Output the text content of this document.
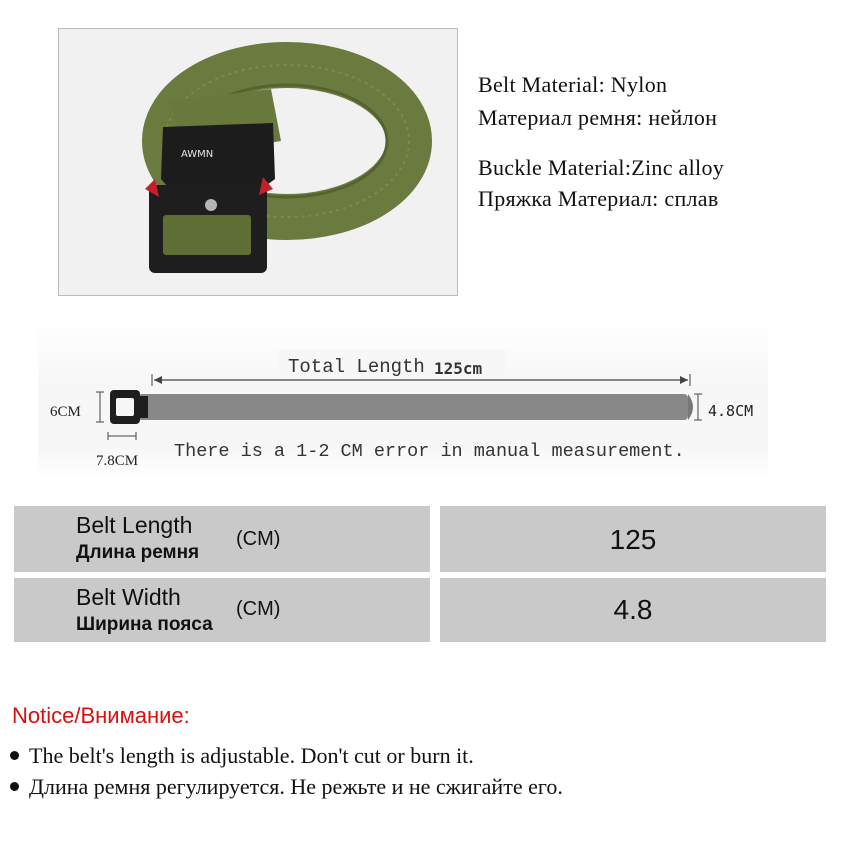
AWMN
Belt Material: Nylon
Материал ремня: нейлон
Buckle Material:Zinc alloy
Пряжка Материал: сплав
Total Length 125cm
6CM	4.8CM
7.8CM There is a 1-2 CM error in manual measurement.
Belt Length
Длина ремня
(CM)	125
Belt Width
Ширина пояса
(CM)	4.8
Notice/Внимание:
The belt's length is adjustable. Don't cut or burn it.
Длина ремня регулируется. Не режьте и не сжигайте его.
